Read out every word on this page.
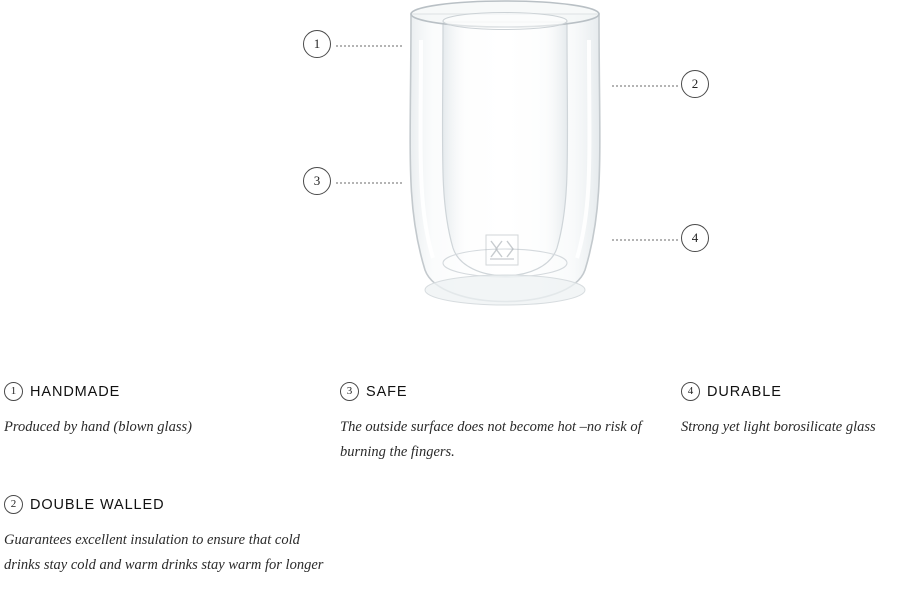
1
2
3
4
1 HANDMADE
Produced by hand (blown glass)
3 SAFE
The outside surface does not become hot –no risk of burning the fingers.
4 DURABLE
Strong yet light borosilicate glass
2 DOUBLE WALLED
Guarantees excellent insulation to ensure that cold drinks stay cold and warm drinks stay warm for longer
